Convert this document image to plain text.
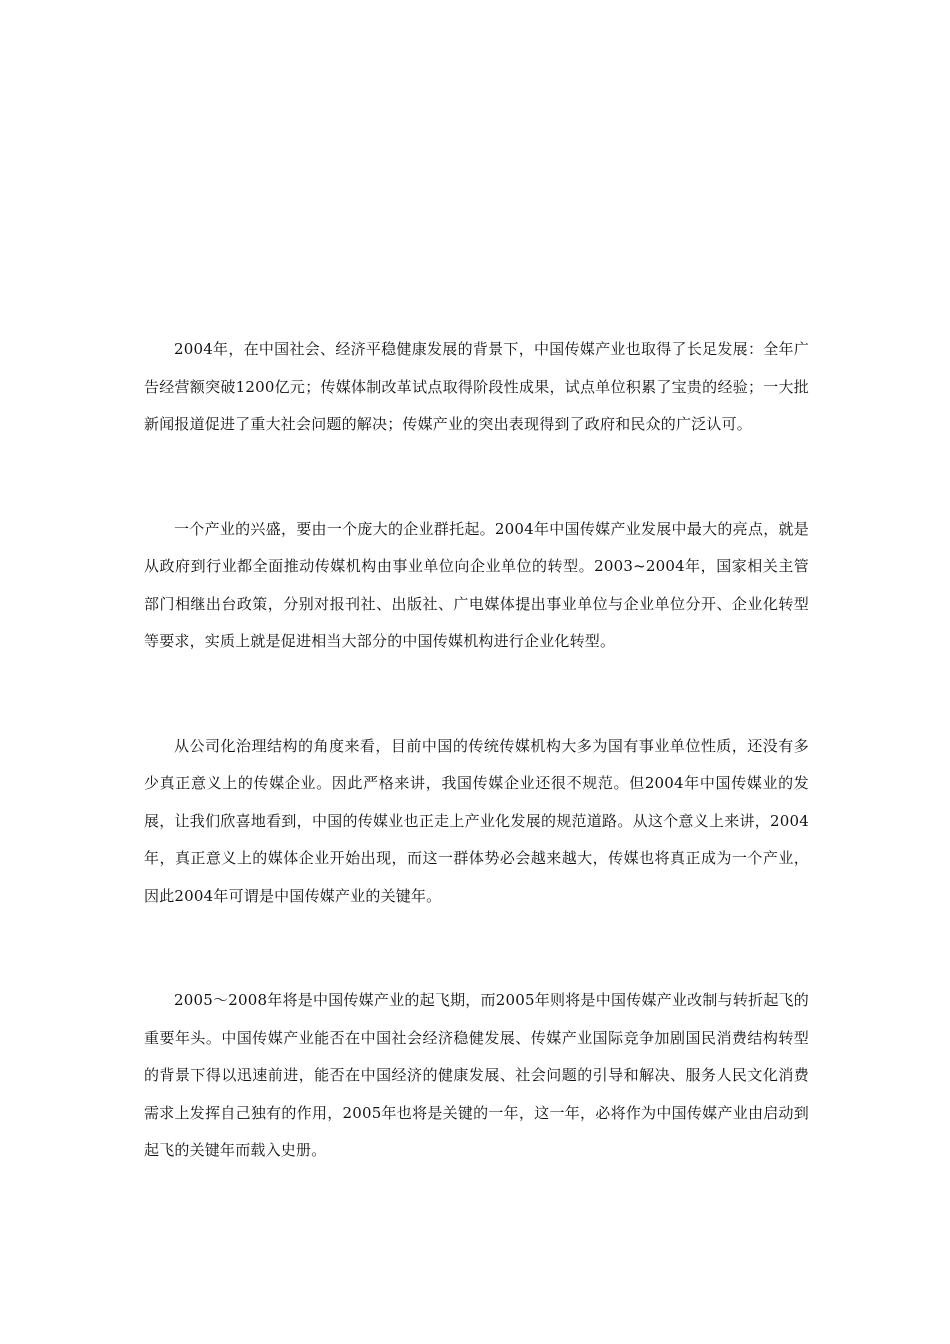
2004年，在中国社会、经济平稳健康发展的背景下，中国传媒产业也取得了长足发展：全年广告经营额突破1200亿元；传媒体制改革试点取得阶段性成果，试点单位积累了宝贵的经验；一大批新闻报道促进了重大社会问题的解决；传媒产业的突出表现得到了政府和民众的广泛认可。

一个产业的兴盛，要由一个庞大的企业群托起。2004年中国传媒产业发展中最大的亮点，就是从政府到行业都全面推动传媒机构由事业单位向企业单位的转型。2003~2004年，国家相关主管部门相继出台政策，分别对报刊社、出版社、广电媒体提出事业单位与企业单位分开、企业化转型等要求，实质上就是促进相当大部分的中国传媒机构进行企业化转型。

从公司化治理结构的角度来看，目前中国的传统传媒机构大多为国有事业单位性质，还没有多少真正意义上的传媒企业。因此严格来讲，我国传媒企业还很不规范。但2004年中国传媒业的发展，让我们欣喜地看到，中国的传媒业也正走上产业化发展的规范道路。从这个意义上来讲，2004年，真正意义上的媒体企业开始出现，而这一群体势必会越来越大，传媒也将真正成为一个产业，因此2004年可谓是中国传媒产业的关键年。

2005～2008年将是中国传媒产业的起飞期，而2005年则将是中国传媒产业改制与转折起飞的重要年头。中国传媒产业能否在中国社会经济稳健发展、传媒产业国际竞争加剧国民消费结构转型的背景下得以迅速前进，能否在中国经济的健康发展、社会问题的引导和解决、服务人民文化消费需求上发挥自己独有的作用，2005年也将是关键的一年，这一年，必将作为中国传媒产业由启动到起飞的关键年而载入史册。
